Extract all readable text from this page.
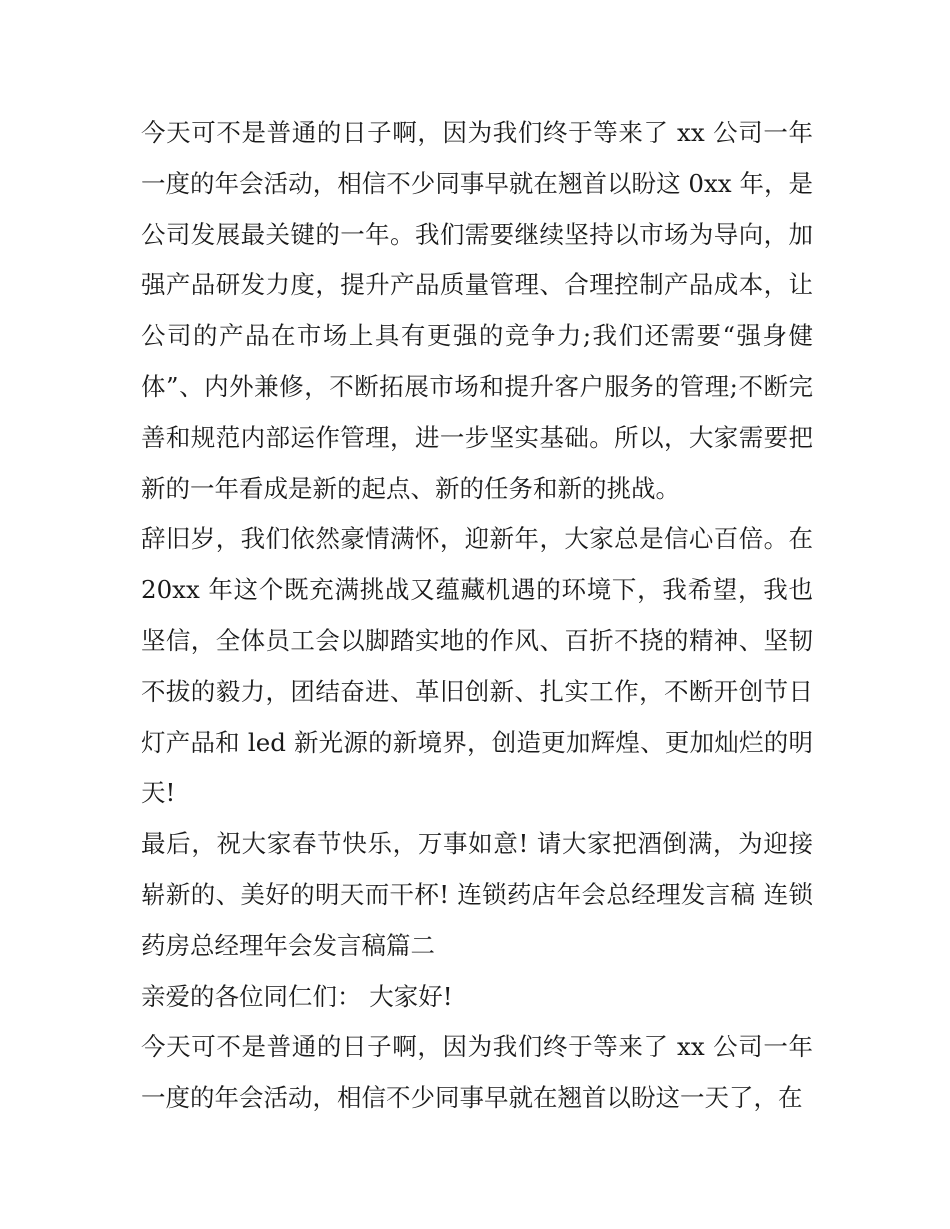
今天可不是普通的日子啊，因为我们终于等来了 xx 公司一年一度的年会活动，相信不少同事早就在翘首以盼这 0xx 年，是公司发展最关键的一年。我们需要继续坚持以市场为导向，加强产品研发力度，提升产品质量管理、合理控制产品成本，让公司的产品在市场上具有更强的竞争力;我们还需要“强身健体”、内外兼修，不断拓展市场和提升客户服务的管理;不断完善和规范内部运作管理，进一步坚实基础。所以，大家需要把新的一年看成是新的起点、新的任务和新的挑战。

辞旧岁，我们依然豪情满怀，迎新年，大家总是信心百倍。在 20xx 年这个既充满挑战又蕴藏机遇的环境下，我希望，我也坚信，全体员工会以脚踏实地的作风、百折不挠的精神、坚韧不拔的毅力，团结奋进、革旧创新、扎实工作，不断开创节日灯产品和 led 新光源的新境界，创造更加辉煌、更加灿烂的明天!

最后，祝大家春节快乐，万事如意! 请大家把酒倒满，为迎接崭新的、美好的明天而干杯! 连锁药店年会总经理发言稿 连锁药房总经理年会发言稿篇二

亲爱的各位同仁们： 大家好!

今天可不是普通的日子啊，因为我们终于等来了 xx 公司一年一度的年会活动，相信不少同事早就在翘首以盼这一天了，在
